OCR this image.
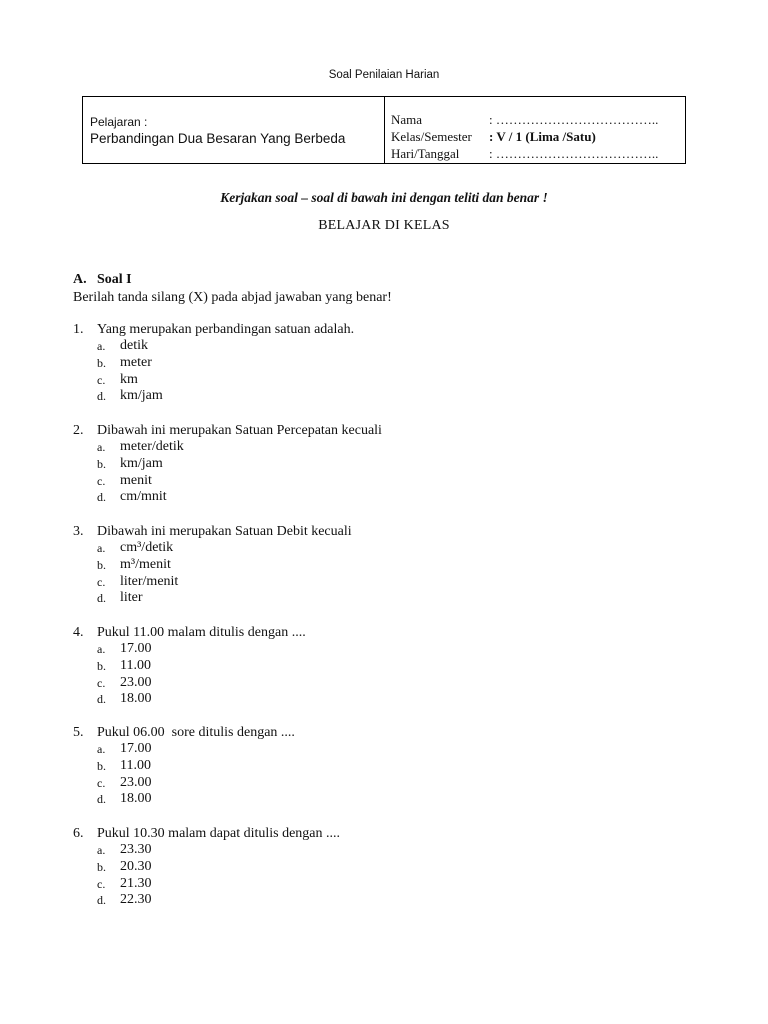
Soal Penilaian Harian
Pelajaran :
Perbandingan Dua Besaran Yang Berbeda
Nama	: ………………………………..
Kelas/Semester	: V / 1 (Lima /Satu)
Hari/Tanggal	: ………………………………..
Kerjakan soal – soal di bawah ini dengan teliti dan benar !
BELAJAR DI KELAS
A. Soal I
Berilah tanda silang (X) pada abjad jawaban yang benar!
1. Yang merupakan perbandingan satuan adalah.
a.	detik
b.	meter
c.	km
d.	km/jam
2. Dibawah ini merupakan Satuan Percepatan kecuali
a.	meter/detik
b.	km/jam
c.	menit
d.	cm/mnit
3. Dibawah ini merupakan Satuan Debit kecuali
a.	cm³/detik
b.	m³/menit
c.	liter/menit
d.	liter
4. Pukul 11.00 malam ditulis dengan ....
a.	17.00
b.	11.00
c.	23.00
d.	18.00
5. Pukul 06.00  sore ditulis dengan ....
a.	17.00
b.	11.00
c.	23.00
d.	18.00
6. Pukul 10.30 malam dapat ditulis dengan ....
a.	23.30
b.	20.30
c.	21.30
d.	22.30
